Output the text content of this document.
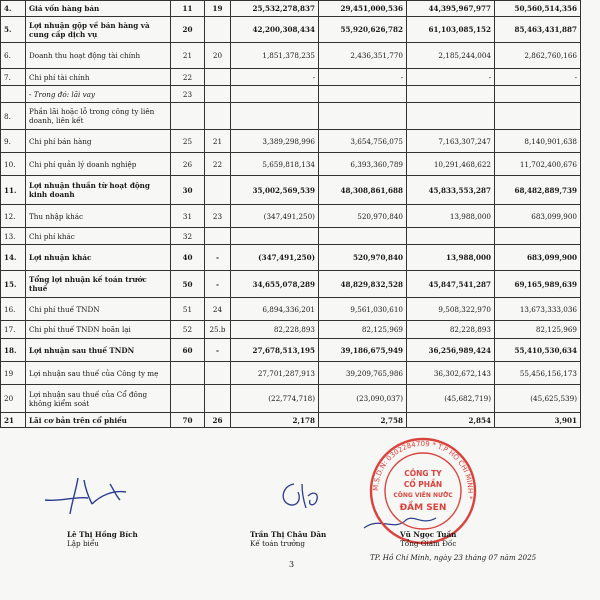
4.	Giá vốn hàng bán	11	19	25,532,278,837	29,451,000,536	44,395,967,977	50,560,514,356
5.	Lợi nhuận gộp về bán hàng và cung cấp dịch vụ	20		42,200,308,434	55,920,626,782	61,103,085,152	85,463,431,887
6.	Doanh thu hoạt động tài chính	21	20	1,851,378,235	2,436,351,770	2,185,244,004	2,862,760,166
7.	Chi phí tài chính	22		-	-	-	-
	- Trong đó: lãi vay	23					
8.	Phần lãi hoặc lỗ trong công ty liên doanh, liên kết						
9.	Chi phí bán hàng	25	21	3,389,298,996	3,654,756,075	7,163,307,247	8,140,901,638
10.	Chi phí quản lý doanh nghiệp	26	22	5,659,818,134	6,393,360,789	10,291,468,622	11,702,400,676
11.	Lợi nhuận thuần từ hoạt động kinh doanh	30		35,002,569,539	48,308,861,688	45,833,553,287	68,482,889,739
12.	Thu nhập khác	31	23	(347,491,250)	520,970,840	13,988,000	683,099,900
13.	Chi phí khác	32					
14.	Lợi nhuận khác	40	-	(347,491,250)	520,970,840	13,988,000	683,099,900
15.	Tổng lợi nhuận kế toán trước thuế	50	-	34,655,078,289	48,829,832,528	45,847,541,287	69,165,989,639
16.	Chi phí thuế TNDN	51	24	6,894,336,201	9,561,030,610	9,508,322,970	13,673,333,036
17.	Chi phí thuế TNDN hoãn lại	52	25.b	82,228,893	82,125,969	82,228,893	82,125,969
18.	Lợi nhuận sau thuế TNDN	60	-	27,678,513,195	39,186,675,949	36,256,989,424	55,410,530,634
19	Lợi nhuận sau thuế của Công ty mẹ			27,701,287,913	39,209,765,986	36,302,672,143	55,456,156,173
20	Lợi nhuận sau thuế của Cổ đông không kiểm soát			(22,774,718)	(23,090,037)	(45,682,719)	(45,625,539)
21	Lãi cơ bản trên cổ phiếu	70	26	2,178	2,758	2,854	3,901
M.S.D.N: 0302284709 * T.P HỒ CHÍ MINH *
CÔNG TY
CỔ PHẦN
CÔNG VIÊN NƯỚC
ĐẦM SEN
Lê Thị Hồng Bích
Lập biểu
Trần Thị Châu Dân
Kế toán trưởng
Vũ Ngọc Tuấn
Tổng Giám Đốc
3
TP. Hồ Chí Minh, ngày 23 tháng 07 năm 2025
